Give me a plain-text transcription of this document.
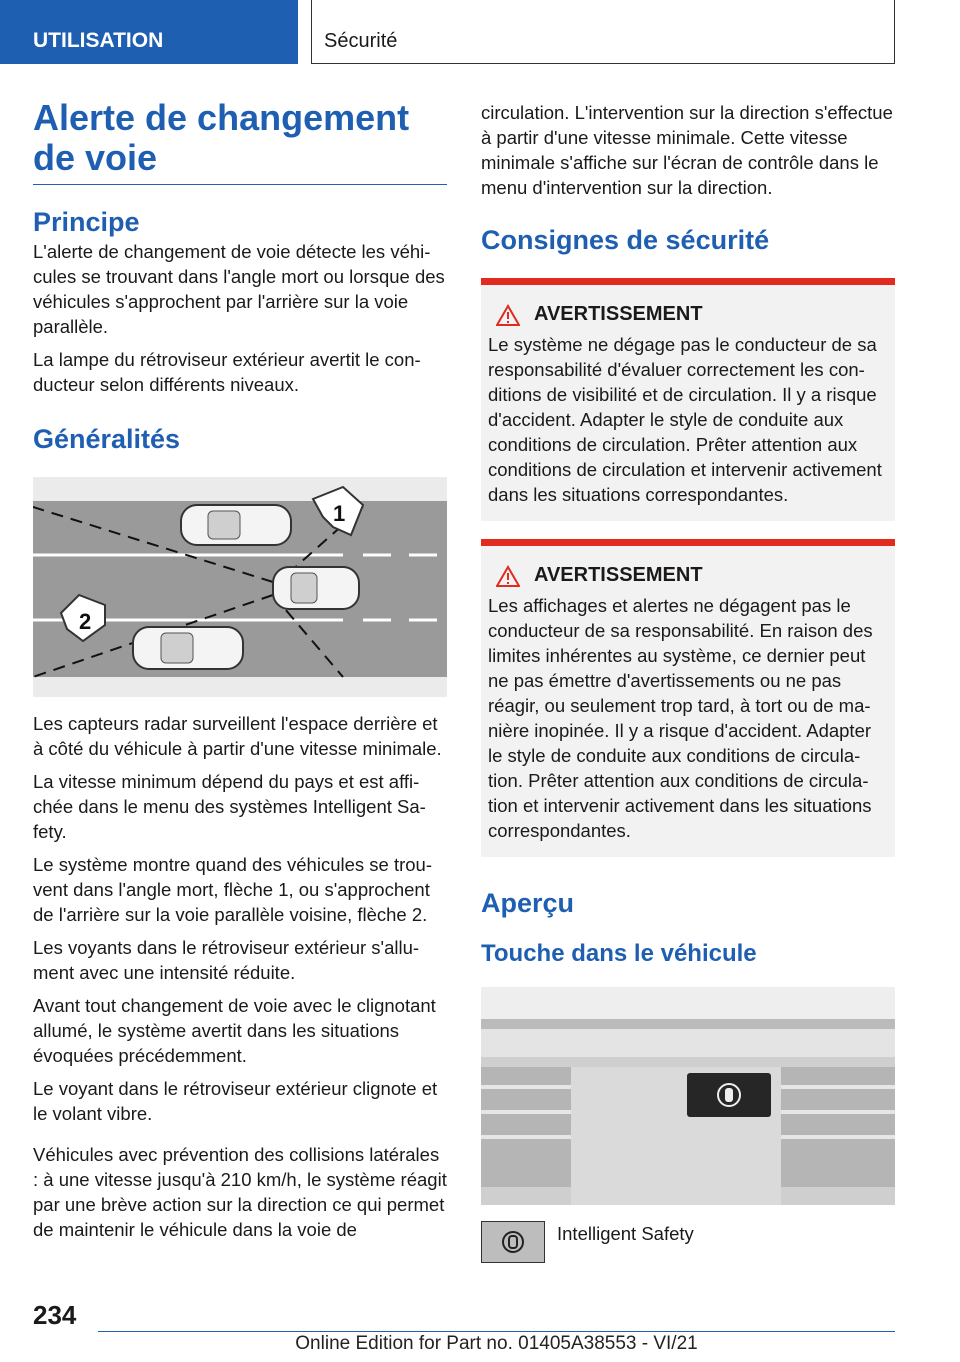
UTILISATION	Sécurité
Alerte de changement de voie
Principe

L'alerte de changement de voie détecte les véhicules se trouvant dans l'angle mort ou lorsque des véhicules s'approchent par l'arrière sur la voie parallèle.

La lampe du rétroviseur extérieur avertit le conducteur selon différents niveaux.

Généralités
1
2

Les capteurs radar surveillent l'espace derrière et à côté du véhicule à partir d'une vitesse minimale.

La vitesse minimum dépend du pays et est affichée dans le menu des systèmes Intelligent Safety.

Le système montre quand des véhicules se trouvent dans l'angle mort, flèche 1, ou s'approchent de l'arrière sur la voie parallèle voisine, flèche 2.

Les voyants dans le rétroviseur extérieur s'allument avec une intensité réduite.

Avant tout changement de voie avec le clignotant allumé, le système avertit dans les situations évoquées précédemment.

Le voyant dans le rétroviseur extérieur clignote et le volant vibre.

Véhicules avec prévention des collisions latérales : à une vitesse jusqu'à 210 km/h, le système réagit par une brève action sur la direction ce qui permet de maintenir le véhicule dans la voie de

circulation. L'intervention sur la direction s'effectue à partir d'une vitesse minimale. Cette vitesse minimale s'affiche sur l'écran de contrôle dans le menu d'intervention sur la direction.

Consignes de sécurité
AVERTISSEMENT

Le système ne dégage pas le conducteur de sa responsabilité d'évaluer correctement les conditions de visibilité et de circulation. Il y a risque d'accident. Adapter le style de conduite aux conditions de circulation. Prêter attention aux conditions de circulation et intervenir activement dans les situations correspondantes.

AVERTISSEMENT

Les affichages et alertes ne dégagent pas le conducteur de sa responsabilité. En raison des limites inhérentes au système, ce dernier peut ne pas émettre d'avertissements ou ne pas réagir, ou seulement trop tard, à tort ou de manière inopinée. Il y a risque d'accident. Adapter le style de conduite aux conditions de circulation. Prêter attention aux conditions de circulation et intervenir activement dans les situations correspondantes.

Aperçu
Touche dans le véhicule

Intelligent Safety

234
Online Edition for Part no. 01405A38553 - VI/21
